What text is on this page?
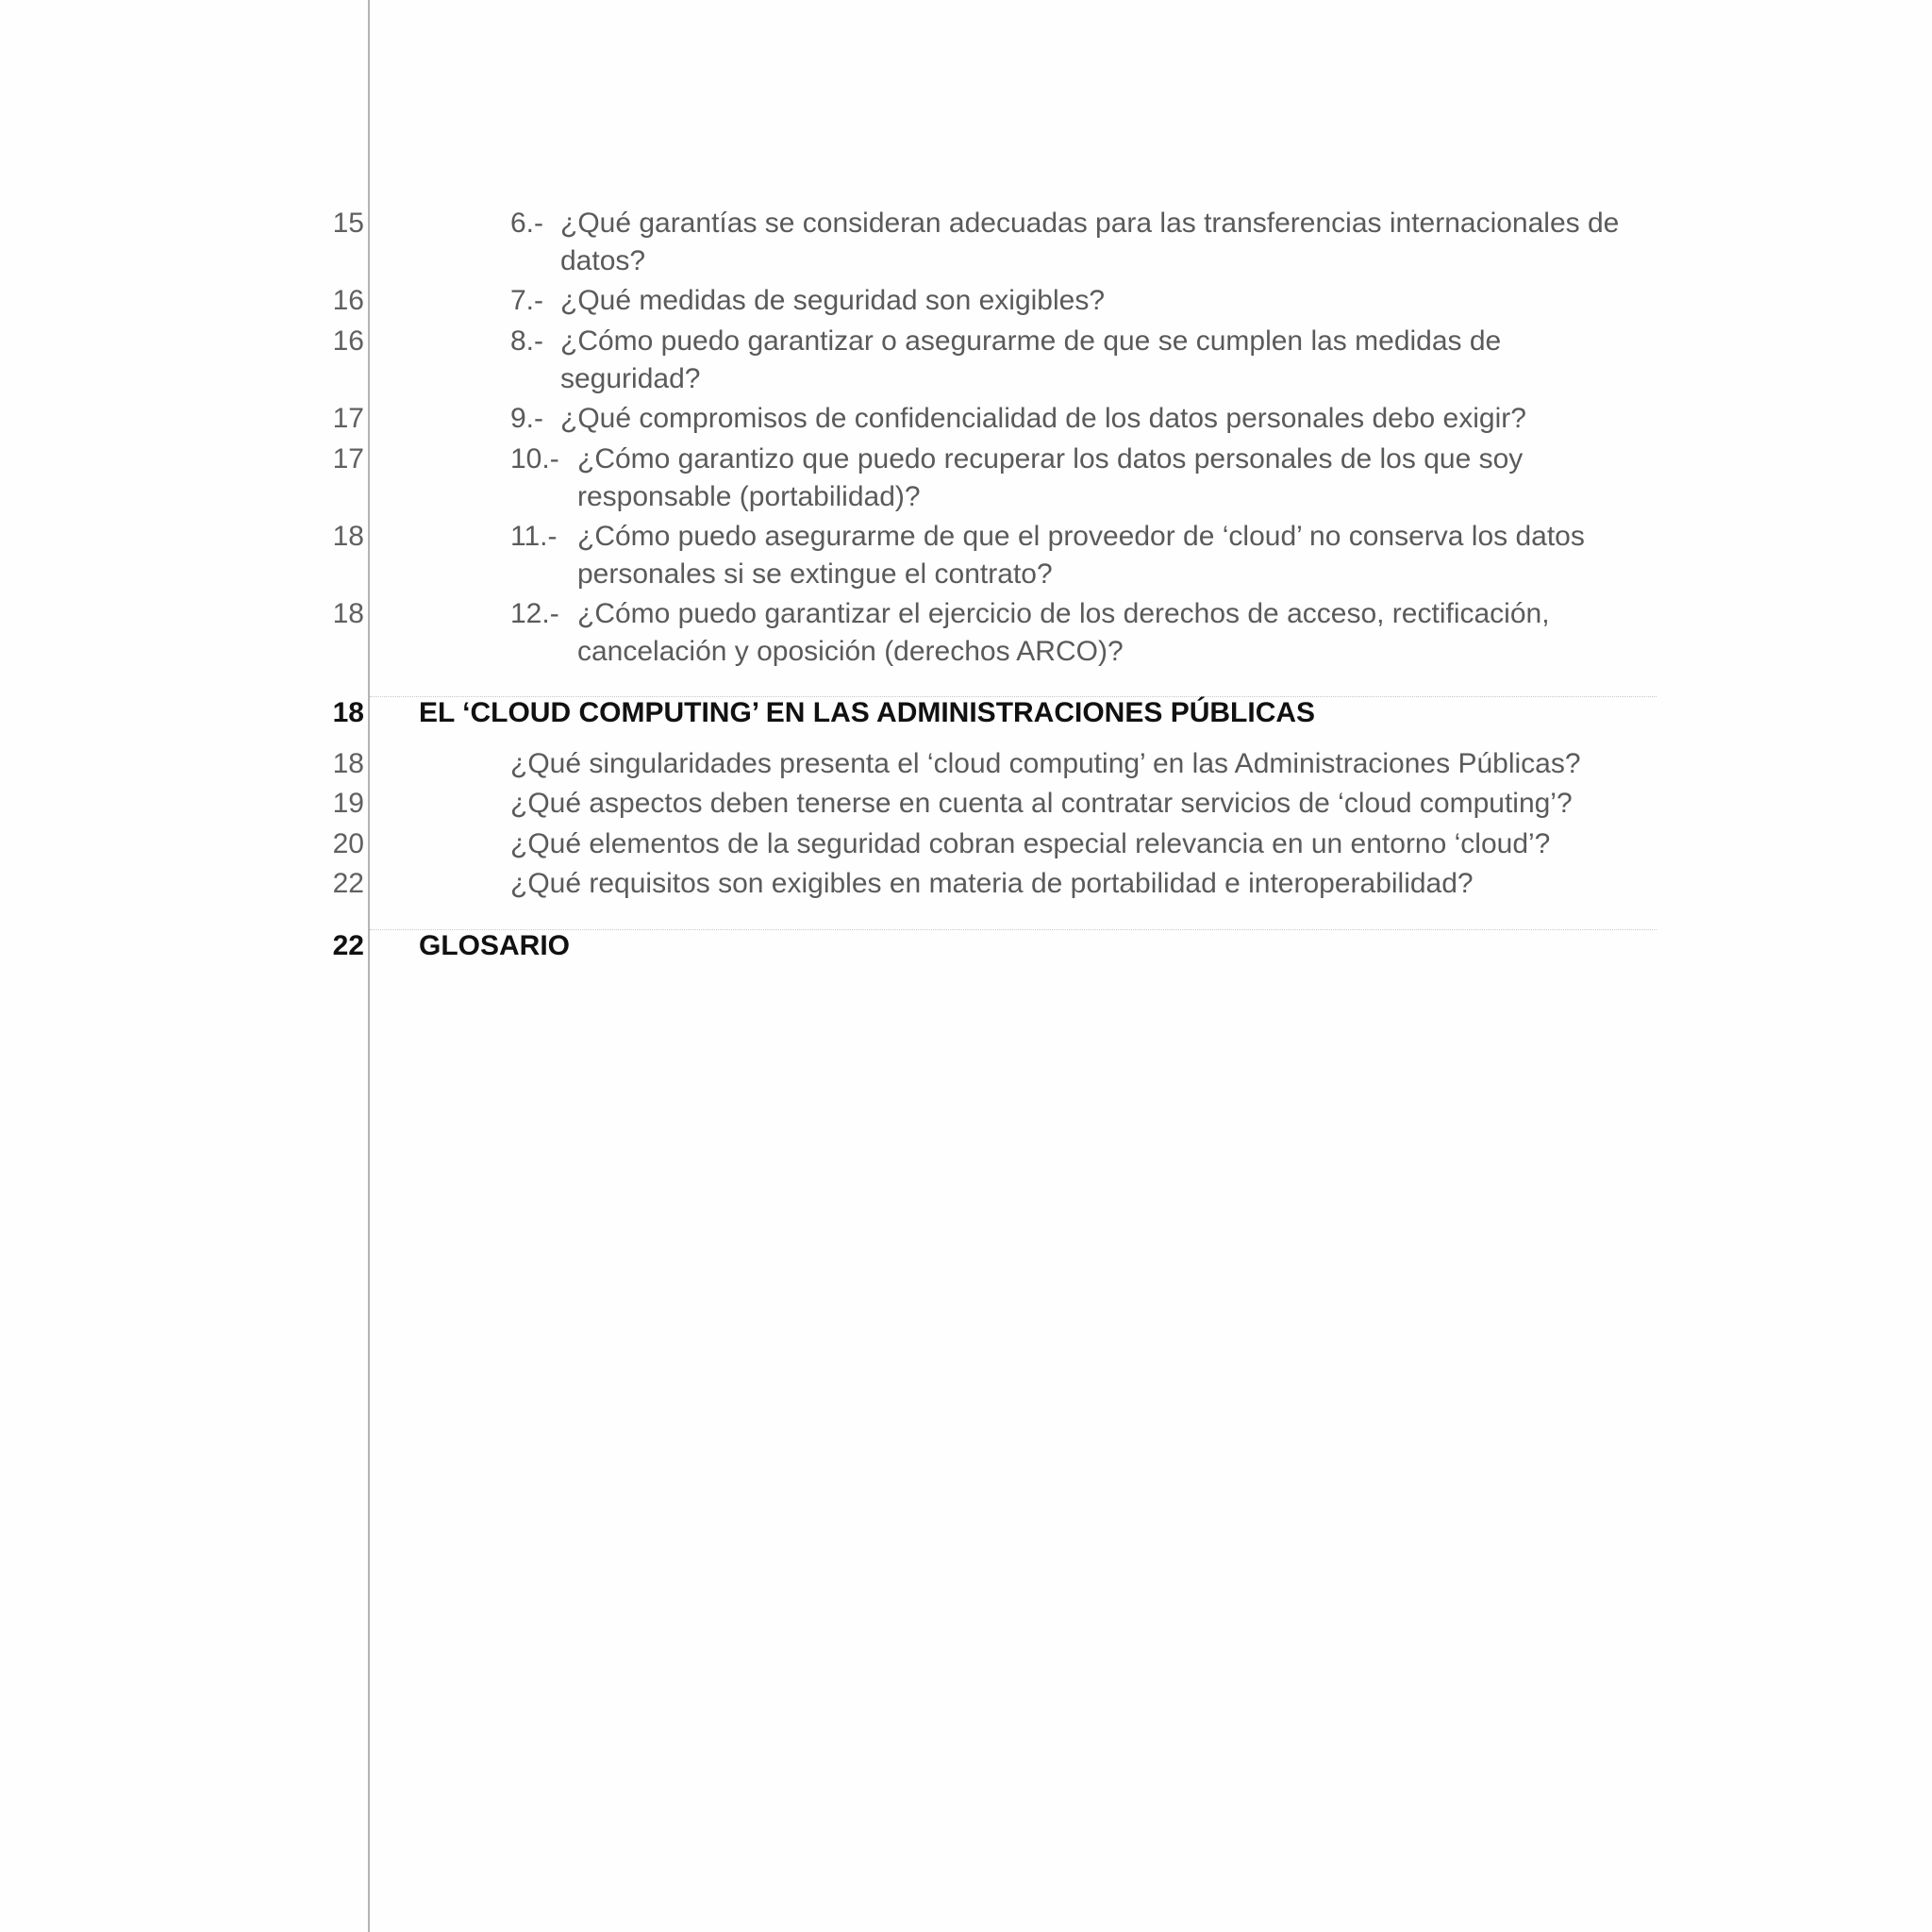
15	6.- ¿Qué garantías se consideran adecuadas para las transferencias internacionales de
datos?
16	7.- ¿Qué medidas de seguridad son exigibles?
16	8.- ¿Cómo puedo garantizar o asegurarme de que se cumplen las medidas de
seguridad?
17	9.- ¿Qué compromisos de confidencialidad de los datos personales debo exigir?
17	10.- ¿Cómo garantizo que puedo recuperar los datos personales de los que soy
responsable (portabilidad)?
18	11.- ¿Cómo puedo asegurarme de que el proveedor de ‘cloud’ no conserva los datos
personales si se extingue el contrato?
18	12.- ¿Cómo puedo garantizar el ejercicio de los derechos de acceso, rectificación,
cancelación y oposición (derechos ARCO)?
18 EL ‘CLOUD COMPUTING’ EN LAS ADMINISTRACIONES PÚBLICAS
18	¿Qué singularidades presenta el ‘cloud computing’ en las Administraciones Públicas?
19	¿Qué aspectos deben tenerse en cuenta al contratar servicios de ‘cloud computing’?
20	¿Qué elementos de la seguridad cobran especial relevancia en un entorno ‘cloud’?
22	¿Qué requisitos son exigibles en materia de portabilidad e interoperabilidad?
22 GLOSARIO
